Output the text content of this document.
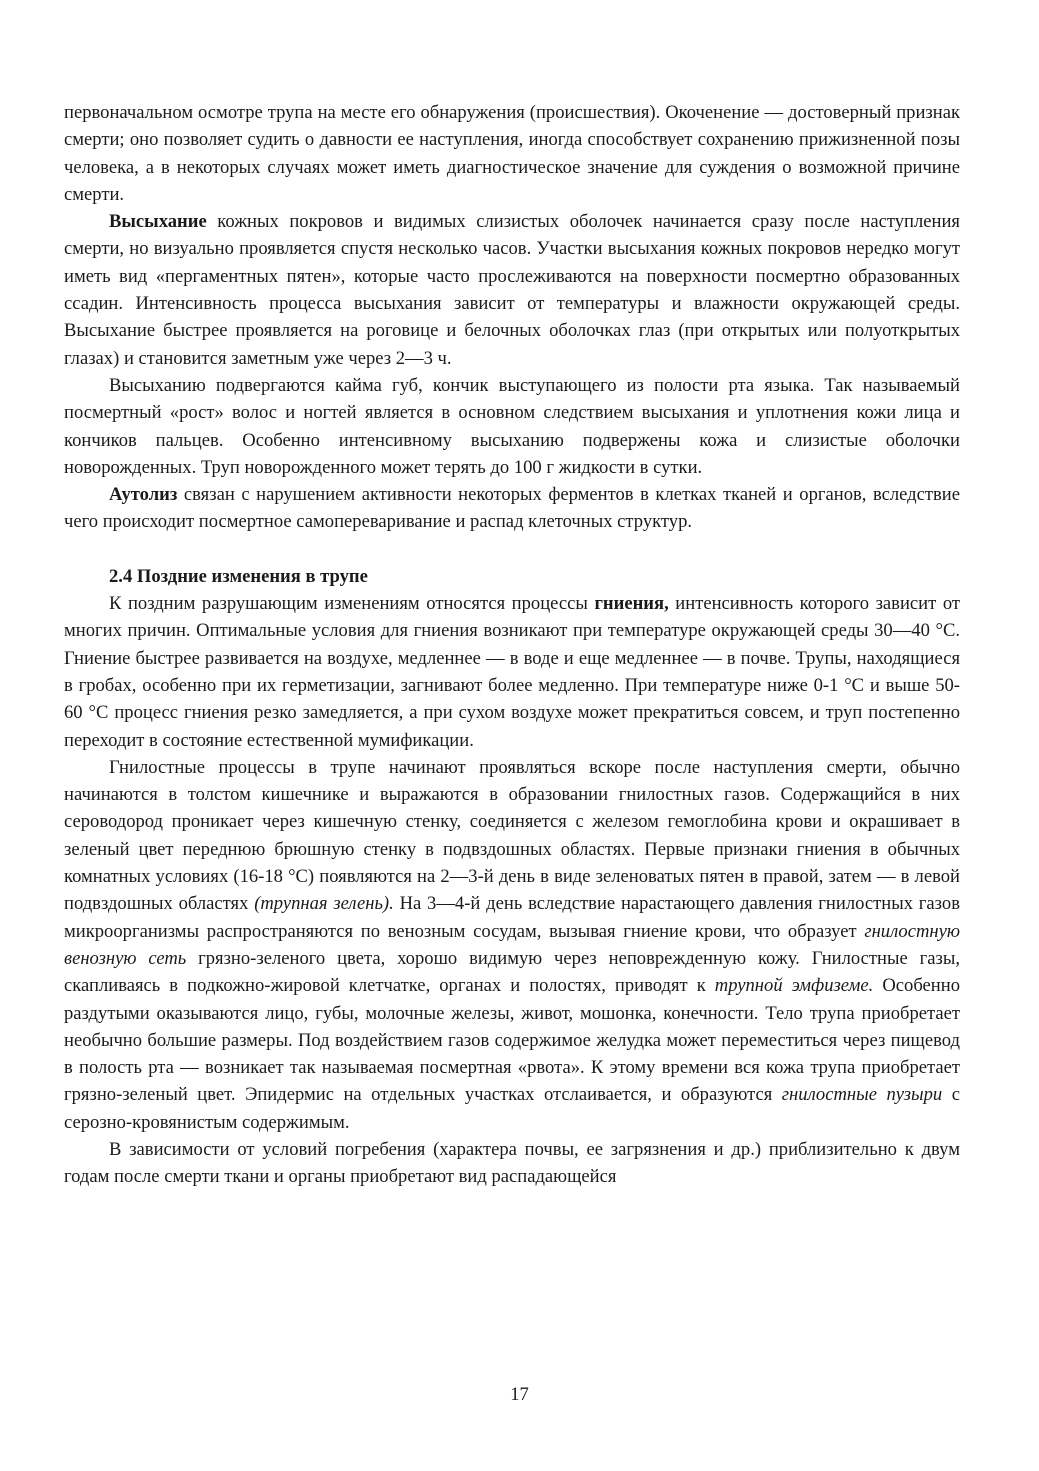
первоначальном осмотре трупа на месте его обнаружения (происшествия). Окоченение — достоверный признак смерти; оно позволяет судить о давности ее наступления, иногда способствует сохранению прижизненной позы человека, а в некоторых случаях может иметь диагностическое значение для суждения о возможной причине смерти.

Высыхание кожных покровов и видимых слизистых оболочек начинается сразу после наступления смерти, но визуально проявляется спустя несколько часов. Участки высыхания кожных покровов нередко могут иметь вид «пергаментных пятен», которые часто прослеживаются на поверхности посмертно образованных ссадин. Интенсивность процесса высыхания зависит от температуры и влажности окружающей среды. Высыхание быстрее проявляется на роговице и белочных оболочках глаз (при открытых или полуоткрытых глазах) и становится заметным уже через 2—3 ч.

Высыханию подвергаются кайма губ, кончик выступающего из полости рта языка. Так называемый посмертный «рост» волос и ногтей является в основном следствием высыхания и уплотнения кожи лица и кончиков пальцев. Особенно интенсивному высыханию подвержены кожа и слизистые оболочки новорожденных. Труп новорожденного может терять до 100 г жидкости в сутки.

Аутолиз связан с нарушением активности некоторых ферментов в клетках тканей и органов, вследствие чего происходит посмертное самопереваривание и распад клеточных структур.

2.4 Поздние изменения в трупе

К поздним разрушающим изменениям относятся процессы гниения, интенсивность которого зависит от многих причин. Оптимальные условия для гниения возникают при температуре окружающей среды 30—40 °С. Гниение быстрее развивается на воздухе, медленнее — в воде и еще медленнее — в почве. Трупы, находящиеся в гробах, особенно при их герметизации, загнивают более медленно. При температуре ниже 0-1 °С и выше 50-60 °С процесс гниения резко замедляется, а при сухом воздухе может прекратиться совсем, и труп постепенно переходит в состояние естественной мумификации.

Гнилостные процессы в трупе начинают проявляться вскоре после наступления смерти, обычно начинаются в толстом кишечнике и выражаются в образовании гнилостных газов. Содержащийся в них сероводород проникает через кишечную стенку, соединяется с железом гемоглобина крови и окрашивает в зеленый цвет переднюю брюшную стенку в подвздошных областях. Первые признаки гниения в обычных комнатных условиях (16-18 °С) появляются на 2—3-й день в виде зеленоватых пятен в правой, затем — в левой подвздошных областях (трупная зелень). На 3—4-й день вследствие нарастающего давления гнилостных газов микроорганизмы распространяются по венозным сосудам, вызывая гниение крови, что образует гнилостную венозную сеть грязно-зеленого цвета, хорошо видимую через неповрежденную кожу. Гнилостные газы, скапливаясь в подкожно-жировой клетчатке, органах и полостях, приводят к трупной эмфиземе. Особенно раздутыми оказываются лицо, губы, молочные железы, живот, мошонка, конечности. Тело трупа приобретает необычно большие размеры. Под воздействием газов содержимое желудка может переместиться через пищевод в полость рта — возникает так называемая посмертная «рвота». К этому времени вся кожа трупа приобретает грязно-зеленый цвет. Эпидермис на отдельных участках отслаивается, и образуются гнилостные пузыри с серозно-кровянистым содержимым.

В зависимости от условий погребения (характера почвы, ее загрязнения и др.) приблизительно к двум годам после смерти ткани и органы приобретают вид распадающейся

17
